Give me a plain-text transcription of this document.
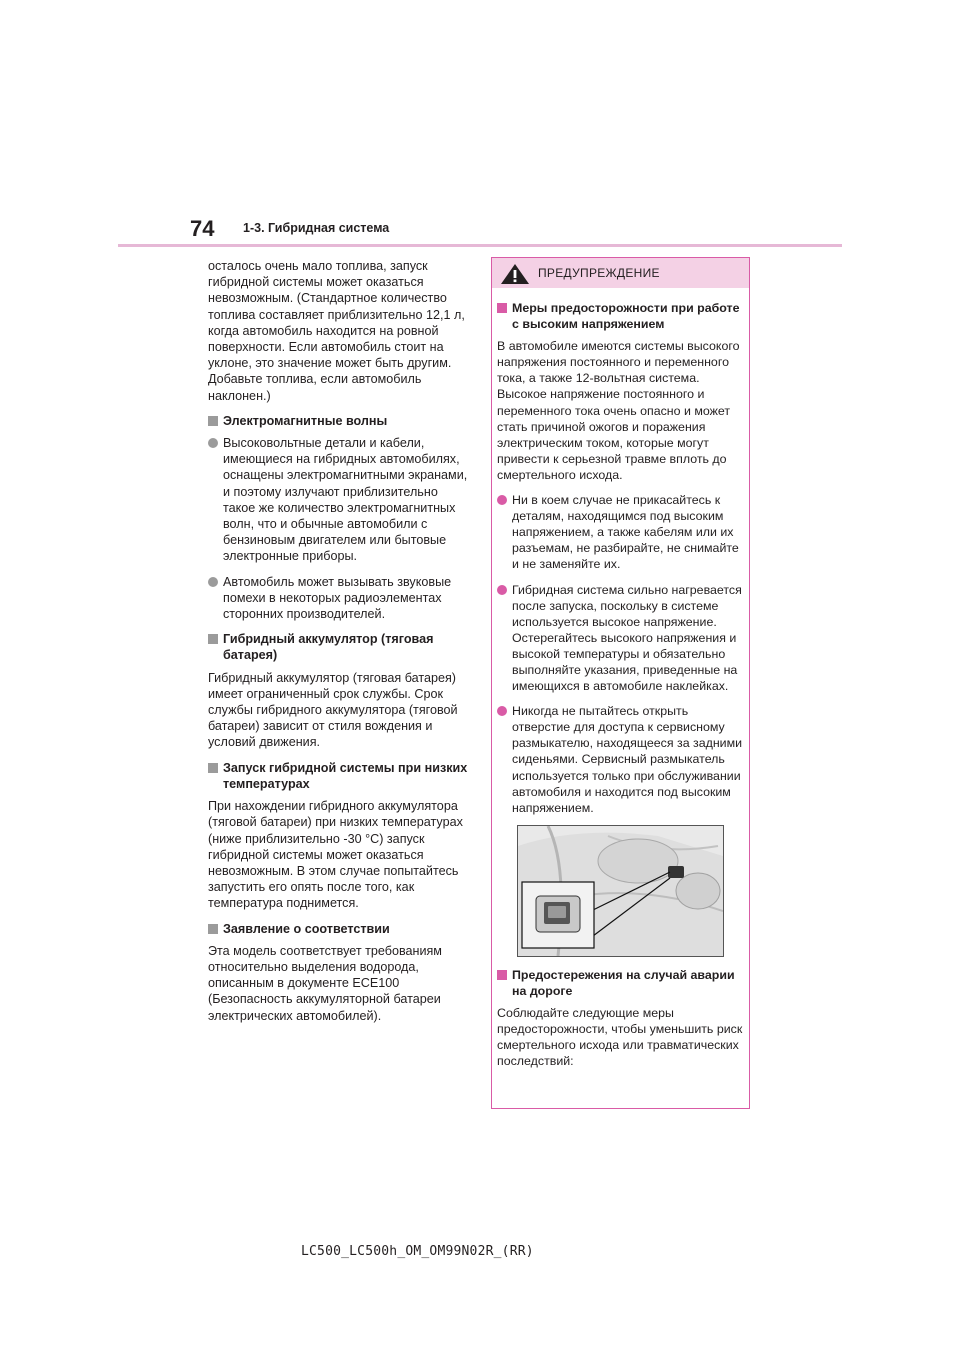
74 1-3. Гибридная система

осталось очень мало топлива, запуск гибридной системы может оказаться невозможным. (Стандартное количество топлива составляет приблизительно 12,1 л, когда автомобиль находится на ровной поверхности. Если автомобиль стоит на уклоне, это значение может быть другим. Добавьте топлива, если автомобиль наклонен.)

Электромагнитные волны
Высоковольтные детали и кабели, имеющиеся на гибридных автомобилях, оснащены электромагнитными экранами, и поэтому излучают приблизительно такое же количество электромагнитных волн, что и обычные автомобили с бензиновым двигателем или бытовые электронные приборы.
Автомобиль может вызывать звуковые помехи в некоторых радиоэлементах сторонних производителей.
Гибридный аккумулятор (тяговая батарея)

Гибридный аккумулятор (тяговая батарея) имеет ограниченный срок службы. Срок службы гибридного аккумулятора (тяговой батареи) зависит от стиля вождения и условий движения.

Запуск гибридной системы при низких температурах

При нахождении гибридного аккумулятора (тяговой батареи) при низких температурах (ниже приблизительно -30 °C) запуск гибридной системы может оказаться невозможным. В этом случае попытайтесь запустить его опять после того, как температура поднимется.

Заявление о соответствии

Эта модель соответствует требованиям относительно выделения водорода, описанным в документе ECE100 (Безопасность аккумуляторной батареи электрических автомобилей).

ПРЕДУПРЕЖДЕНИЕ
Меры предосторожности при работе с высоким напряжением

В автомобиле имеются системы высокого напряжения постоянного и переменного тока, а также 12-вольтная система. Высокое напряжение постоянного и переменного тока очень опасно и может стать причиной ожогов и поражения электрическим током, которые могут привести к серьезной травме вплоть до смертельного исхода.

Ни в коем случае не прикасайтесь к деталям, находящимся под высоким напряжением, а также кабелям или их разъемам, не разбирайте, не снимайте и не заменяйте их.
Гибридная система сильно нагревается после запуска, поскольку в системе используется высокое напряжение. Остерегайтесь высокого напряжения и высокой температуры и обязательно выполняйте указания, приведенные на имеющихся в автомобиле наклейках.
Никогда не пытайтесь открыть отверстие для доступа к сервисному размыкателю, находящееся за задними сиденьями. Сервисный размыкатель используется только при обслуживании автомобиля и находится под высоким напряжением.
Предостережения на случай аварии на дороге

Соблюдайте следующие меры предосторожности, чтобы уменьшить риск смертельного исхода или травматических последствий:

LC500_LC500h_OM_OM99N02R_(RR)
